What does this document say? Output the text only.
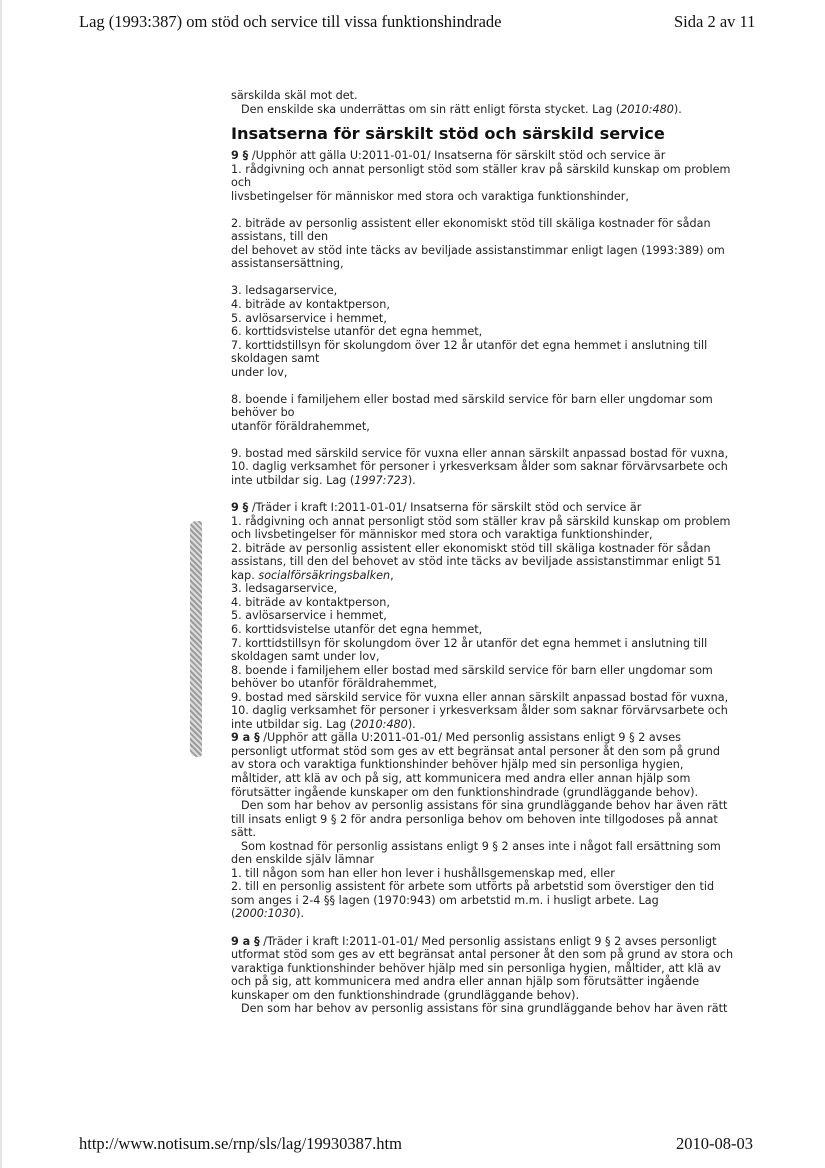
Lag (1993:387) om stöd och service till vissa funktionshindrade	Sida 2 av 11

särskilda skäl mot det.

Den enskilde ska underrättas om sin rätt enligt första stycket. Lag (2010:480).

Insatserna för särskilt stöd och särskild service

9 § /Upphör att gälla U:2011-01-01/ Insatserna för särskilt stöd och service är

1. rådgivning och annat personligt stöd som ställer krav på särskild kunskap om problem

och

livsbetingelser för människor med stora och varaktiga funktionshinder,

2. biträde av personlig assistent eller ekonomiskt stöd till skäliga kostnader för sådan

assistans, till den

del behovet av stöd inte täcks av beviljade assistanstimmar enligt lagen (1993:389) om

assistansersättning,

3. ledsagarservice,

4. biträde av kontaktperson,

5. avlösarservice i hemmet,

6. korttidsvistelse utanför det egna hemmet,

7. korttidstillsyn för skolungdom över 12 år utanför det egna hemmet i anslutning till

skoldagen samt

under lov,

8. boende i familjehem eller bostad med särskild service för barn eller ungdomar som

behöver bo

utanför föräldrahemmet,

9. bostad med särskild service för vuxna eller annan särskilt anpassad bostad för vuxna,

10. daglig verksamhet för personer i yrkesverksam ålder som saknar förvärvsarbete och

inte utbildar sig. Lag (1997:723).

9 § /Träder i kraft I:2011-01-01/ Insatserna för särskilt stöd och service är

1. rådgivning och annat personligt stöd som ställer krav på särskild kunskap om problem

och livsbetingelser för människor med stora och varaktiga funktionshinder,

2. biträde av personlig assistent eller ekonomiskt stöd till skäliga kostnader för sådan

assistans, till den del behovet av stöd inte täcks av beviljade assistanstimmar enligt 51

kap. socialförsäkringsbalken,

3. ledsagarservice,

4. biträde av kontaktperson,

5. avlösarservice i hemmet,

6. korttidsvistelse utanför det egna hemmet,

7. korttidstillsyn för skolungdom över 12 år utanför det egna hemmet i anslutning till

skoldagen samt under lov,

8. boende i familjehem eller bostad med särskild service för barn eller ungdomar som

behöver bo utanför föräldrahemmet,

9. bostad med särskild service för vuxna eller annan särskilt anpassad bostad för vuxna,

10. daglig verksamhet för personer i yrkesverksam ålder som saknar förvärvsarbete och

inte utbildar sig. Lag (2010:480).

9 a § /Upphör att gälla U:2011-01-01/ Med personlig assistans enligt 9 § 2 avses

personligt utformat stöd som ges av ett begränsat antal personer åt den som på grund

av stora och varaktiga funktionshinder behöver hjälp med sin personliga hygien,

måltider, att klä av och på sig, att kommunicera med andra eller annan hjälp som

förutsätter ingående kunskaper om den funktionshindrade (grundläggande behov).

Den som har behov av personlig assistans för sina grundläggande behov har även rätt

till insats enligt 9 § 2 för andra personliga behov om behoven inte tillgodoses på annat

sätt.

Som kostnad för personlig assistans enligt 9 § 2 anses inte i något fall ersättning som

den enskilde själv lämnar

1. till någon som han eller hon lever i hushållsgemenskap med, eller

2. till en personlig assistent för arbete som utförts på arbetstid som överstiger den tid

som anges i 2-4 §§ lagen (1970:943) om arbetstid m.m. i husligt arbete. Lag

(2000:1030).

9 a § /Träder i kraft I:2011-01-01/ Med personlig assistans enligt 9 § 2 avses personligt

utformat stöd som ges av ett begränsat antal personer åt den som på grund av stora och

varaktiga funktionshinder behöver hjälp med sin personliga hygien, måltider, att klä av

och på sig, att kommunicera med andra eller annan hjälp som förutsätter ingående

kunskaper om den funktionshindrade (grundläggande behov).

Den som har behov av personlig assistans för sina grundläggande behov har även rätt

http://www.notisum.se/rnp/sls/lag/19930387.htm	2010-08-03
